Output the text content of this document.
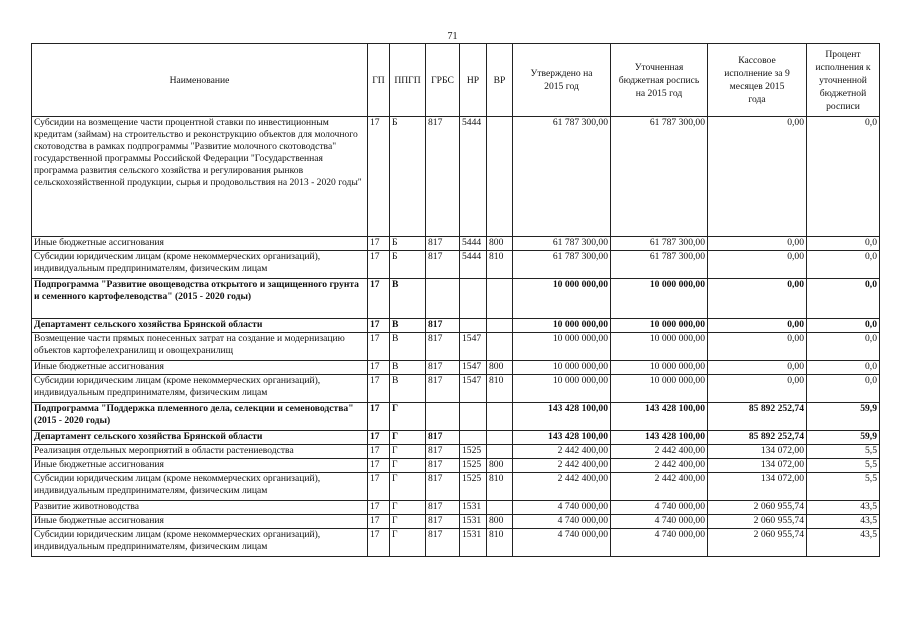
71
Наименование	ГП	ППГП	ГРБС	НР	ВР	Утверждено на 2015 год	Уточненная бюджетная роспись на 2015 год	Кассовое исполнение за 9 месяцев 2015 года	Процент исполнения к уточненной бюджетной росписи
Субсидии на возмещение части процентной ставки по инвестиционным кредитам (займам) на строительство и реконструкцию объектов для молочного скотоводства в рамках подпрограммы "Развитие молочного скотоводства" государственной программы Российской Федерации "Государственная программа развития сельского хозяйства и регулирования рынков сельскохозяйственной продукции, сырья и продовольствия на 2013 - 2020 годы"	17	Б	817	5444		61 787 300,00	61 787 300,00	0,00	0,0
Иные бюджетные ассигнования	17	Б	817	5444	800	61 787 300,00	61 787 300,00	0,00	0,0
Субсидии юридическим лицам (кроме некоммерческих организаций), индивидуальным предпринимателям, физическим лицам	17	Б	817	5444	810	61 787 300,00	61 787 300,00	0,00	0,0
Подпрограмма "Развитие овощеводства открытого и защищенного грунта и семенного картофелеводства" (2015 - 2020 годы)	17	В				10 000 000,00	10 000 000,00	0,00	0,0
Департамент сельского хозяйства Брянской области	17	В	817			10 000 000,00	10 000 000,00	0,00	0,0
Возмещение части прямых понесенных затрат на создание и модернизацию объектов картофелехранилищ и овощехранилищ	17	В	817	1547		10 000 000,00	10 000 000,00	0,00	0,0
Иные бюджетные ассигнования	17	В	817	1547	800	10 000 000,00	10 000 000,00	0,00	0,0
Субсидии юридическим лицам (кроме некоммерческих организаций), индивидуальным предпринимателям, физическим лицам	17	В	817	1547	810	10 000 000,00	10 000 000,00	0,00	0,0
Подпрограмма "Поддержка племенного дела, селекции и семеноводства" (2015 - 2020 годы)	17	Г				143 428 100,00	143 428 100,00	85 892 252,74	59,9
Департамент сельского хозяйства Брянской области	17	Г	817			143 428 100,00	143 428 100,00	85 892 252,74	59,9
Реализация отдельных мероприятий в области растениеводства	17	Г	817	1525		2 442 400,00	2 442 400,00	134 072,00	5,5
Иные бюджетные ассигнования	17	Г	817	1525	800	2 442 400,00	2 442 400,00	134 072,00	5,5
Субсидии юридическим лицам (кроме некоммерческих организаций), индивидуальным предпринимателям, физическим лицам	17	Г	817	1525	810	2 442 400,00	2 442 400,00	134 072,00	5,5
Развитие животноводства	17	Г	817	1531		4 740 000,00	4 740 000,00	2 060 955,74	43,5
Иные бюджетные ассигнования	17	Г	817	1531	800	4 740 000,00	4 740 000,00	2 060 955,74	43,5
Субсидии юридическим лицам (кроме некоммерческих организаций), индивидуальным предпринимателям, физическим лицам	17	Г	817	1531	810	4 740 000,00	4 740 000,00	2 060 955,74	43,5
